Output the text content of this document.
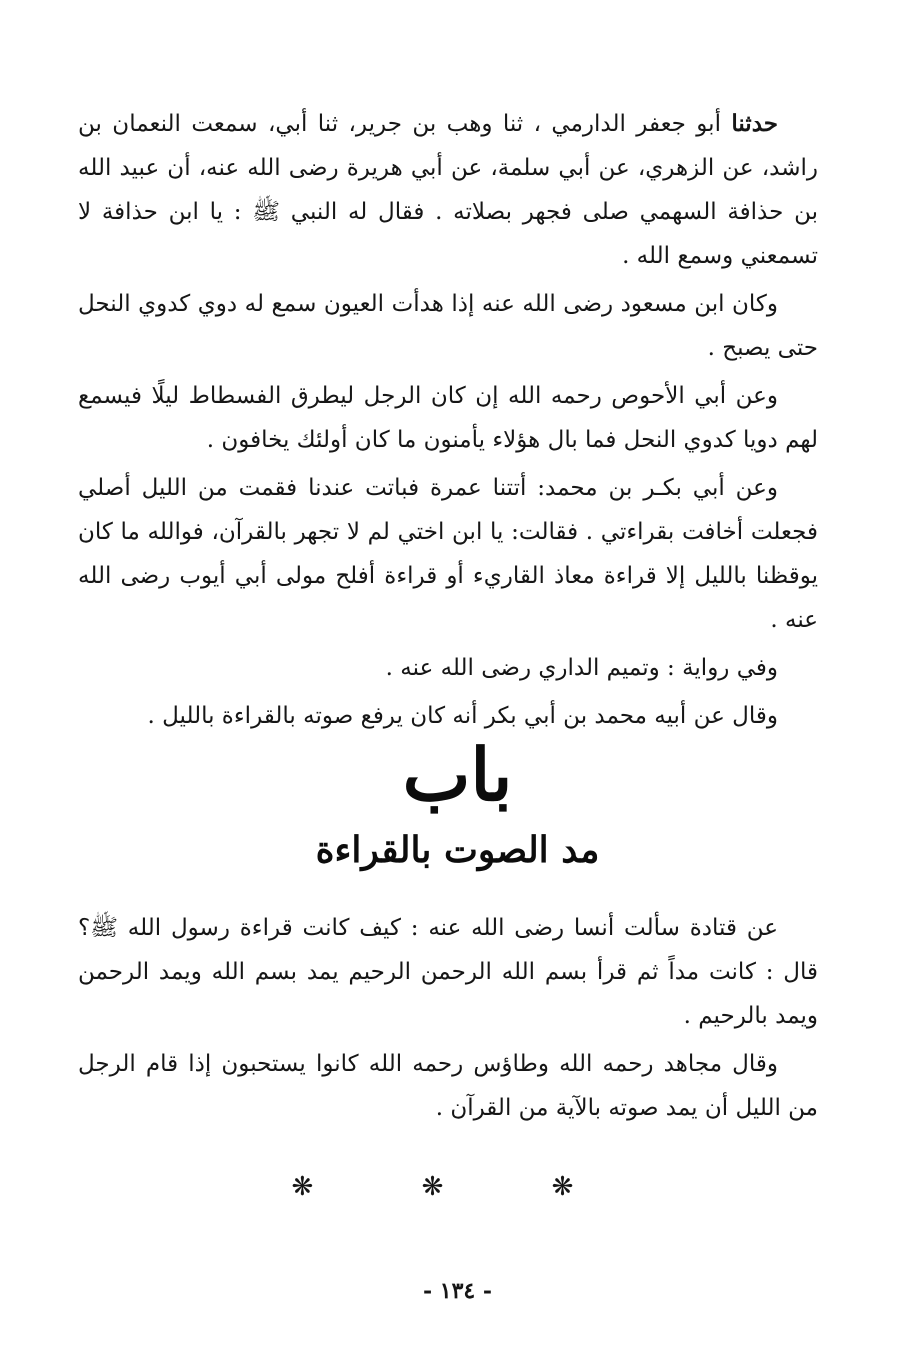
حدثنا أبو جعفر الدارمي ، ثنا وهب بن جرير، ثنا أبي، سمعت النعمان بن راشد، عن الزهري، عن أبي سلمة، عن أبي هريرة رضى الله عنه، أن عبيد الله بن حذافة السهمي صلى فجهر بصلاته . فقال له النبي ﷺ : يا ابن حذافة لا تسمعني وسمع الله .

وكان ابن مسعود رضى الله عنه إذا هدأت العيون سمع له دوي كدوي النحل حتى يصبح .

وعن أبي الأحوص رحمه الله إن كان الرجل ليطرق الفسطاط ليلًا فيسمع لهم دويا كدوي النحل فما بال هؤلاء يأمنون ما كان أولئك يخافون .

وعن أبي بكـر بن محمد: أتتنا عمرة فباتت عندنا فقمت من الليل أصلي فجعلت أخافت بقراءتي . فقالت: يا ابن اختي لم لا تجهر بالقرآن، فوالله ما كان يوقظنا بالليل إلا قراءة معاذ القاريء أو قراءة أفلح مولى أبي أيوب رضى الله عنه .

وفي رواية : وتميم الداري رضى الله عنه .

وقال عن أبيه محمد بن أبي بكر أنه كان يرفع صوته بالقراءة بالليل .

باب
مد الصوت بالقراءة

عن قتادة سألت أنسا رضى الله عنه : كيف كانت قراءة رسول الله ﷺ؟ قال : كانت مداً ثم قرأ بسم الله الرحمن الرحيم يمد بسم الله ويمد الرحمن ويمد بالرحيم .

وقال مجاهد رحمه الله وطاؤس رحمه الله كانوا يستحبون إذا قام الرجل من الليل أن يمد صوته بالآية من القرآن .

❋ ❋ ❋
- ١٣٤ -
